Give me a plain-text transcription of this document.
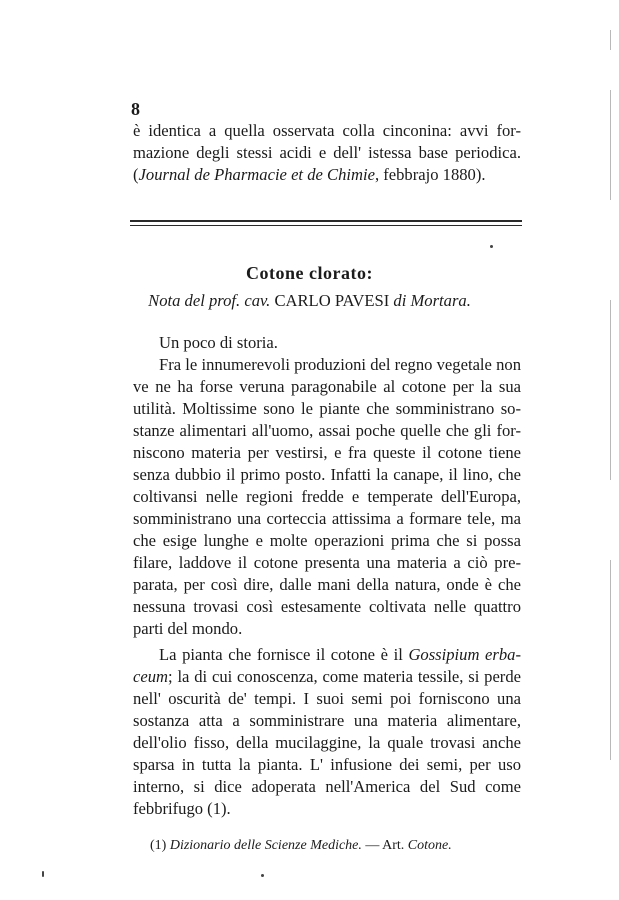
8
è identica a quella osservata colla cinconina: avvi for-
mazione degli stessi acidi e dell' istessa base periodica.
(Journal de Pharmacie et de Chimie, febbrajo 1880).
Cotone clorato:
Nota del prof. cav. CARLO PAVESI di Mortara.
Un poco di storia.
Fra le innumerevoli produzioni del regno vegetale non
ve ne ha forse veruna paragonabile al cotone per la sua
utilità. Moltissime sono le piante che somministrano so-
stanze alimentari all'uomo, assai poche quelle che gli for-
niscono materia per vestirsi, e fra queste il cotone tiene
senza dubbio il primo posto. Infatti la canape, il lino, che
coltivansi nelle regioni fredde e temperate dell'Europa,
somministrano una corteccia attissima a formare tele, ma
che esige lunghe e molte operazioni prima che si possa
filare, laddove il cotone presenta una materia a ciò pre-
parata, per così dire, dalle mani della natura, onde è che
nessuna trovasi così estesamente coltivata nelle quattro
parti del mondo.
La pianta che fornisce il cotone è il Gossipium erba-
ceum; la di cui conoscenza, come materia tessile, si perde
nell' oscurità de' tempi. I suoi semi poi forniscono una
sostanza atta a somministrare una materia alimentare,
dell'olio fisso, della mucilaggine, la quale trovasi anche
sparsa in tutta la pianta. L' infusione dei semi, per uso
interno, si dice adoperata nell'America del Sud come
febbrifugo (1).
(1) Dizionario delle Scienze Mediche. — Art. Cotone.
